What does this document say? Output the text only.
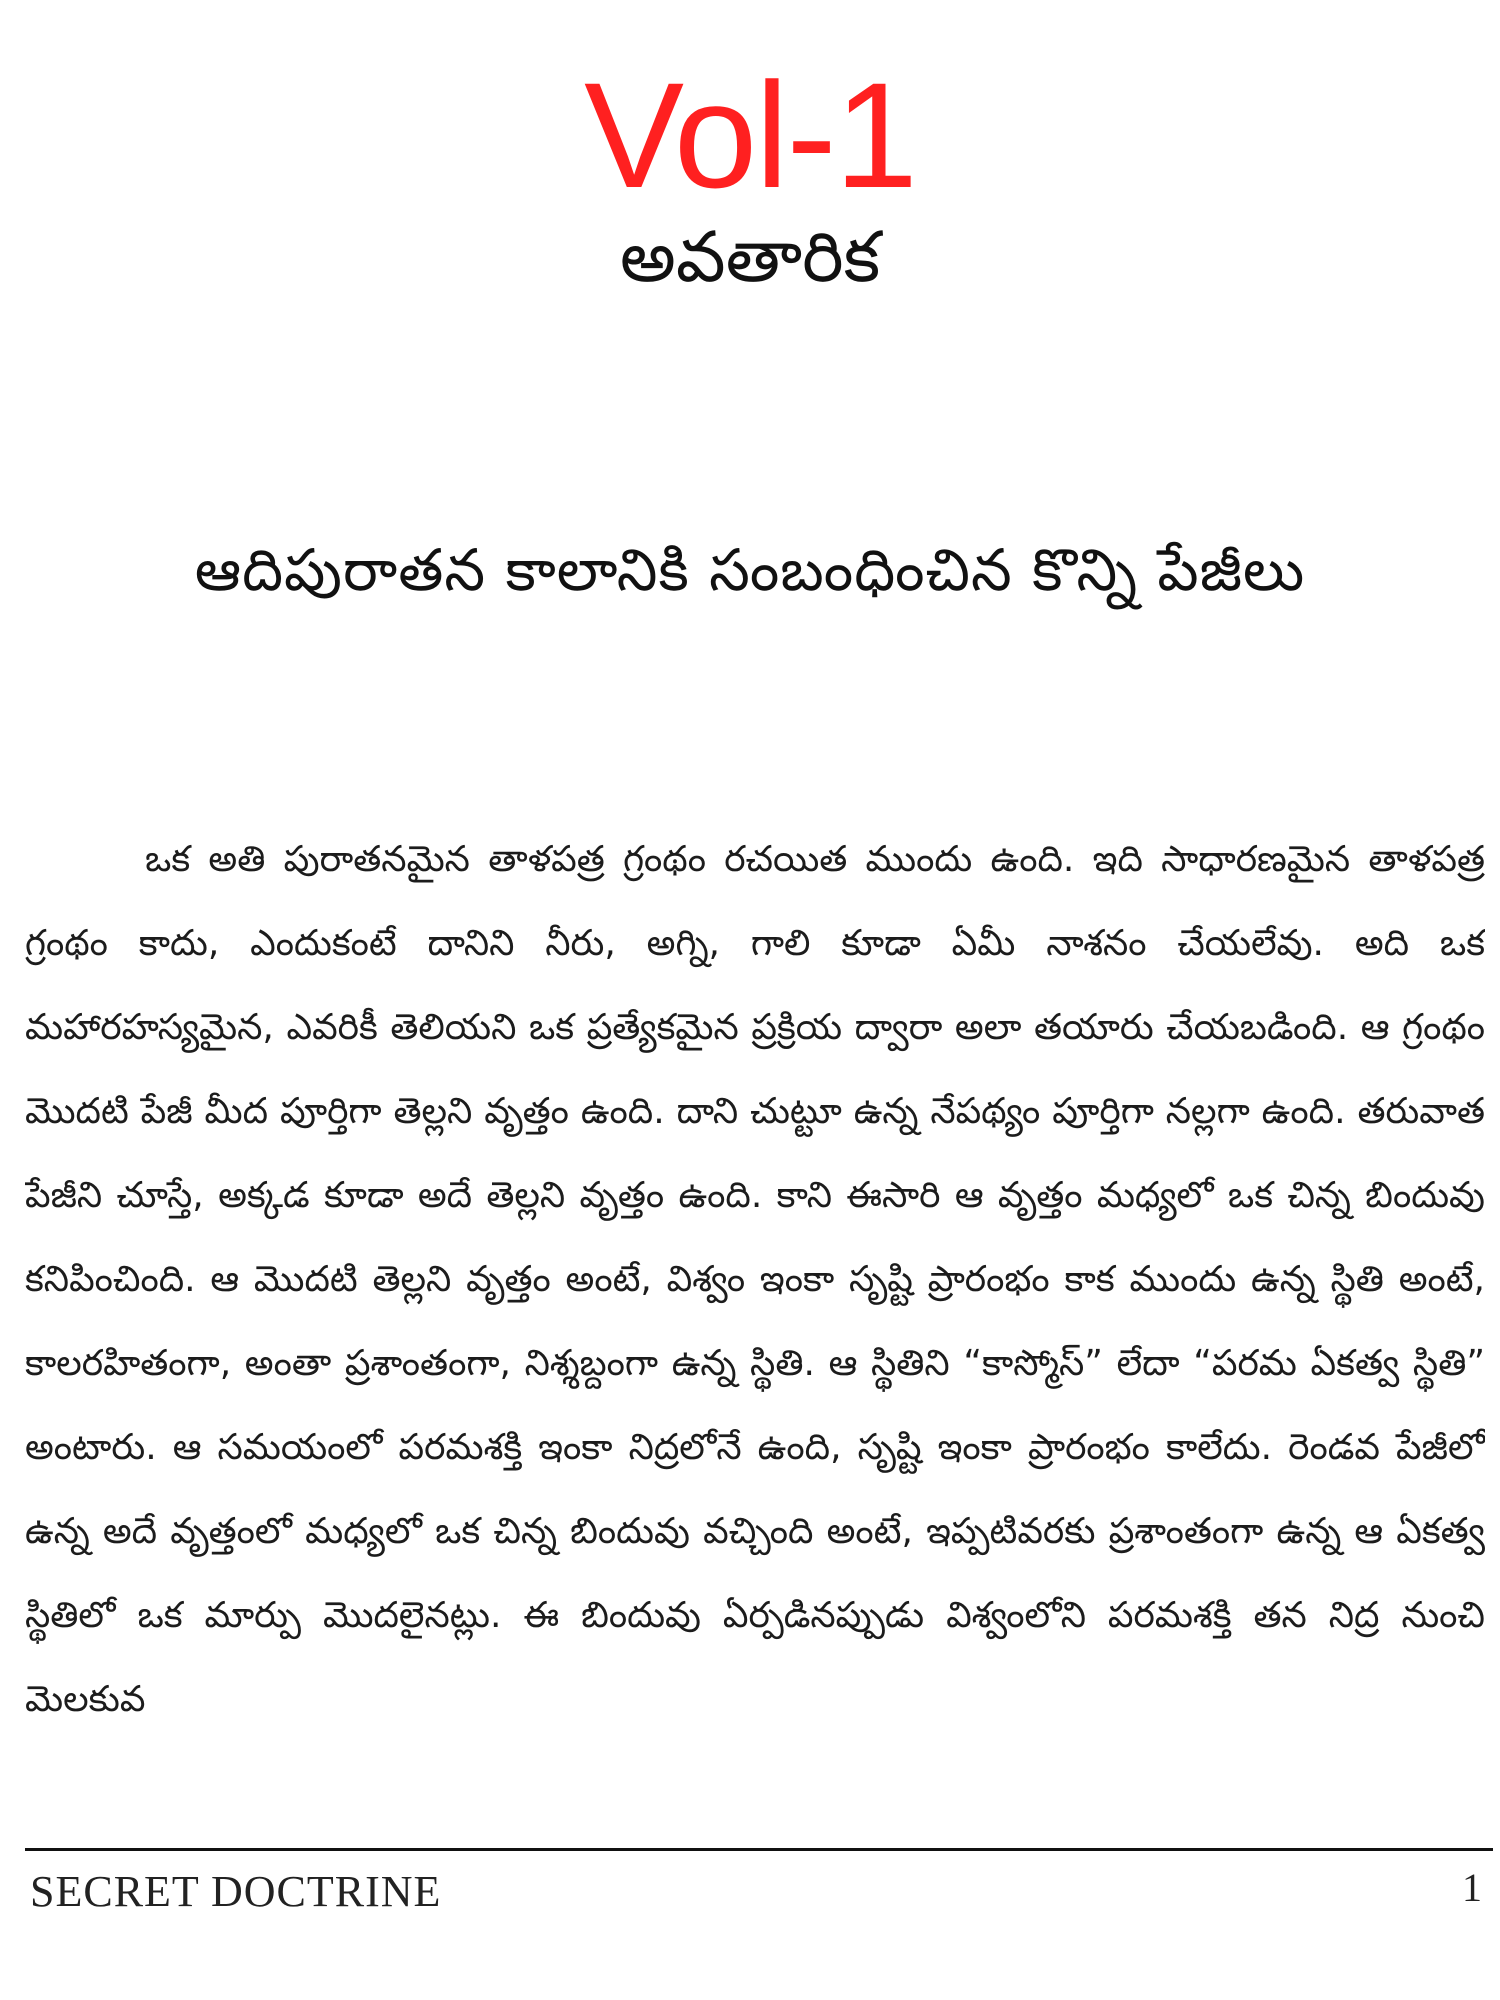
Vol-1
అవతారిక
ఆదిపురాతన కాలానికి సంబంధించిన కొన్ని పేజీలు

ఒక అతి పురాతనమైన తాళపత్ర గ్రంథం రచయిత ముందు ఉంది. ఇది సాధారణమైన తాళపత్ర గ్రంథం కాదు, ఎందుకంటే దానిని నీరు, అగ్ని, గాలి కూడా ఏమీ నాశనం చేయలేవు. అది ఒక మహారహస్యమైన, ఎవరికీ తెలియని ఒక ప్రత్యేకమైన ప్రక్రియ ద్వారా అలా తయారు చేయబడింది. ఆ గ్రంథం మొదటి పేజీ మీద పూర్తిగా తెల్లని వృత్తం ఉంది. దాని చుట్టూ ఉన్న నేపథ్యం పూర్తిగా నల్లగా ఉంది. తరువాత పేజీని చూస్తే, అక్కడ కూడా అదే తెల్లని వృత్తం ఉంది. కాని ఈసారి ఆ వృత్తం మధ్యలో ఒక చిన్న బిందువు కనిపించింది. ఆ మొదటి తెల్లని వృత్తం అంటే, విశ్వం ఇంకా సృష్టి ప్రారంభం కాక ముందు ఉన్న స్థితి అంటే, కాలరహితంగా, అంతా ప్రశాంతంగా, నిశ్శబ్దంగా ఉన్న స్థితి. ఆ స్థితిని “కాస్మోస్” లేదా “పరమ ఏకత్వ స్థితి” అంటారు. ఆ సమయంలో పరమశక్తి ఇంకా నిద్రలోనే ఉంది, సృష్టి ఇంకా ప్రారంభం కాలేదు. రెండవ పేజీలో ఉన్న అదే వృత్తంలో మధ్యలో ఒక చిన్న బిందువు వచ్చింది అంటే, ఇప్పటివరకు ప్రశాంతంగా ఉన్న ఆ ఏకత్వ స్థితిలో ఒక మార్పు మొదలైనట్లు. ఈ బిందువు ఏర్పడినప్పుడు విశ్వంలోని పరమశక్తి తన నిద్ర నుంచి మెలకువ

SECRET DOCTRINE	1
